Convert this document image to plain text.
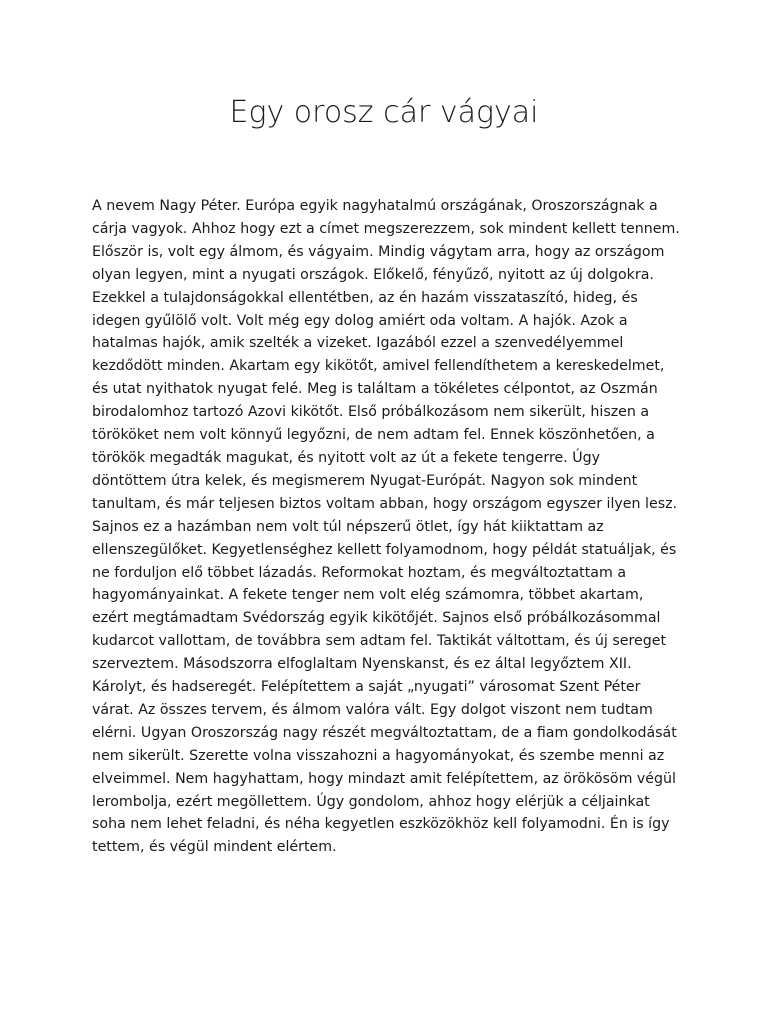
Egy orosz cár vágyai
A nevem Nagy Péter. Európa egyik nagyhatalmú országának, Oroszországnak a
cárja vagyok. Ahhoz hogy ezt a címet megszerezzem, sok mindent kellett tennem.
Először is, volt egy álmom, és vágyaim. Mindig vágytam arra, hogy az országom
olyan legyen, mint a nyugati országok. Előkelő, fényűző, nyitott az új dolgokra.
Ezekkel a tulajdonságokkal ellentétben, az én hazám visszataszító, hideg, és
idegen gyűlölő volt. Volt még egy dolog amiért oda voltam. A hajók. Azok a
hatalmas hajók, amik szelték a vizeket. Igazából ezzel a szenvedélyemmel
kezdődött minden. Akartam egy kikötőt, amivel fellendíthetem a kereskedelmet,
és utat nyithatok nyugat felé. Meg is találtam a tökéletes célpontot, az Oszmán
birodalomhoz tartozó Azovi kikötőt. Első próbálkozásom nem sikerült, hiszen a
törököket nem volt könnyű legyőzni, de nem adtam fel. Ennek köszönhetően, a
törökök megadták magukat, és nyitott volt az út a fekete tengerre. Úgy
döntöttem útra kelek, és megismerem Nyugat-Európát. Nagyon sok mindent
tanultam, és már teljesen biztos voltam abban, hogy országom egyszer ilyen lesz.
Sajnos ez a hazámban nem volt túl népszerű ötlet, így hát kiiktattam az
ellenszegülőket. Kegyetlenséghez kellett folyamodnom, hogy példát statuáljak, és
ne forduljon elő többet lázadás. Reformokat hoztam, és megváltoztattam a
hagyományainkat. A fekete tenger nem volt elég számomra, többet akartam,
ezért megtámadtam Svédország egyik kikötőjét. Sajnos első próbálkozásommal
kudarcot vallottam, de továbbra sem adtam fel. Taktikát váltottam, és új sereget
szerveztem. Másodszorra elfoglaltam Nyenskanst, és ez által legyőztem XII.
Károlyt, és hadseregét. Felépítettem a saját „nyugati” városomat Szent Péter
várat. Az összes tervem, és álmom valóra vált. Egy dolgot viszont nem tudtam
elérni. Ugyan Oroszország nagy részét megváltoztattam, de a fiam gondolkodását
nem sikerült. Szerette volna visszahozni a hagyományokat, és szembe menni az
elveimmel. Nem hagyhattam, hogy mindazt amit felépítettem, az örökösöm végül
lerombolja, ezért megöllettem. Úgy gondolom, ahhoz hogy elérjük a céljainkat
soha nem lehet feladni, és néha kegyetlen eszközökhöz kell folyamodni. Én is így
tettem, és végül mindent elértem.
